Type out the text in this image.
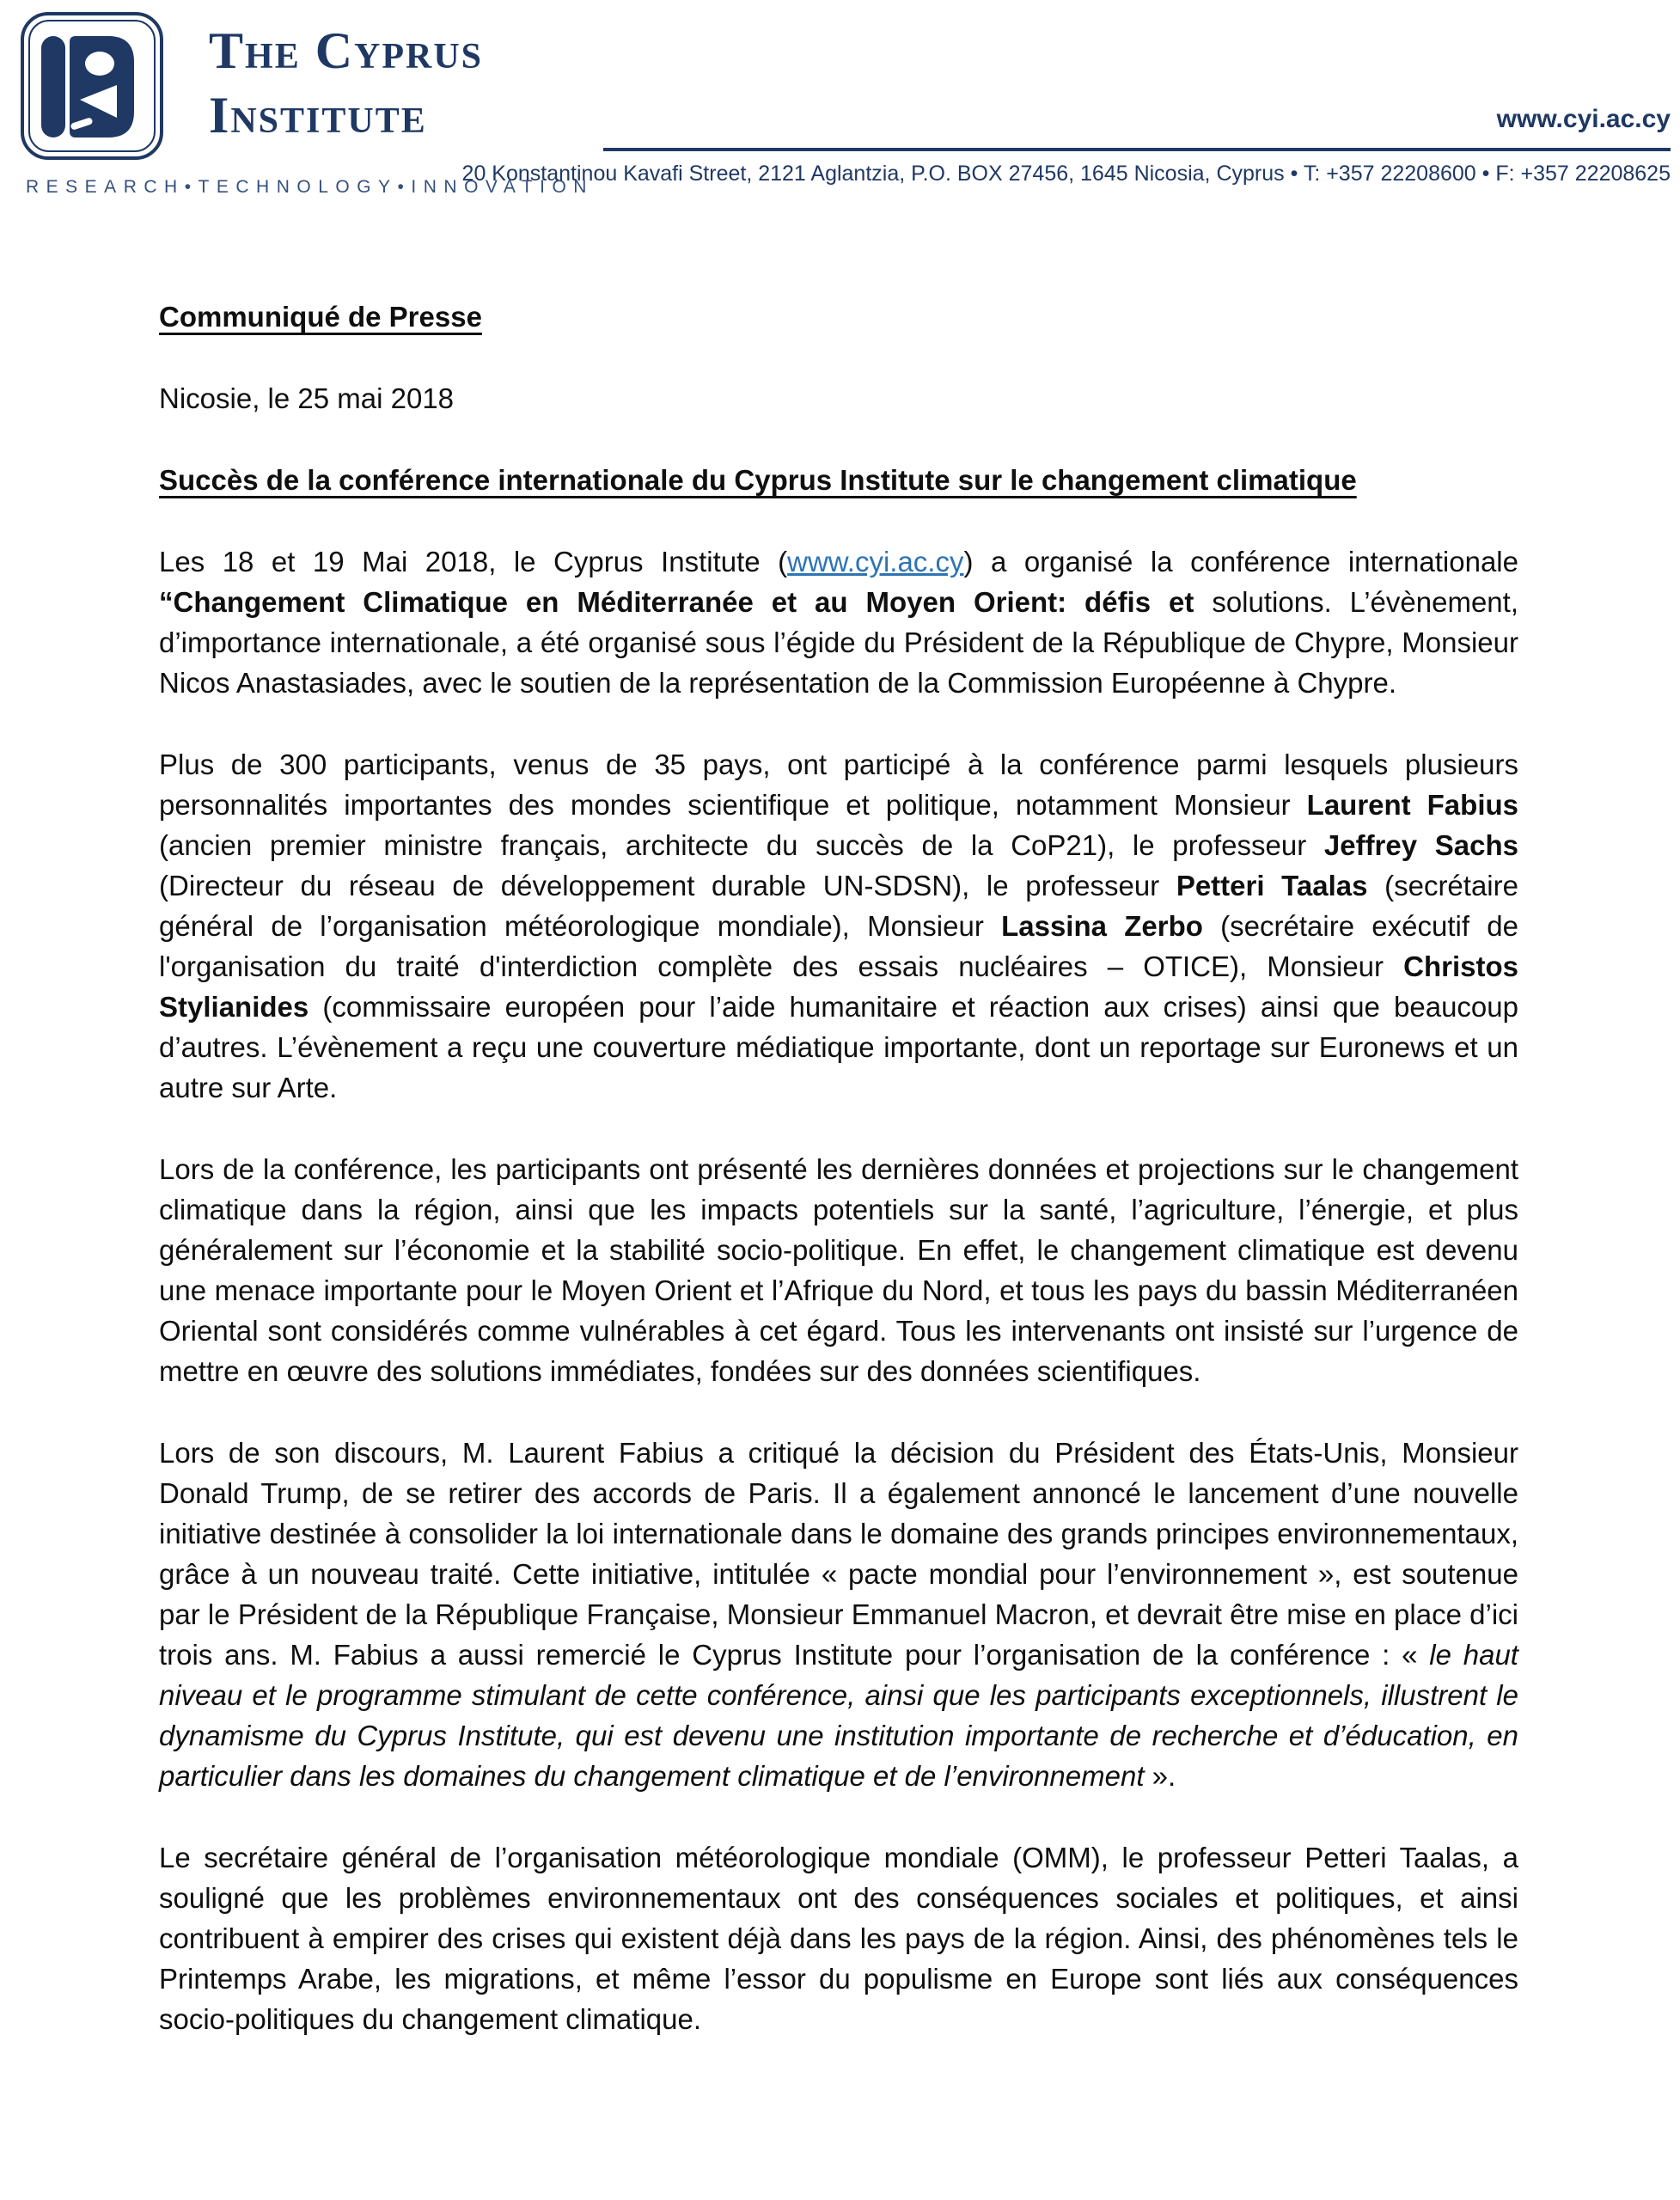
The Cyprus
Institute
RESEARCH•TECHNOLOGY•INNOVATION
www.cyi.ac.cy
20 Konstantinou Kavafi Street, 2121 Aglantzia, P.O. BOX 27456, 1645 Nicosia, Cyprus • T: +357 22208600 • F: +357 22208625
Communiqué de Presse

Nicosie, le 25 mai 2018

Succès de la conférence internationale du Cyprus Institute sur le changement climatique

Les 18 et 19 Mai 2018, le Cyprus Institute (www.cyi.ac.cy) a organisé la conférence internationale “Changement Climatique en Méditerranée et au Moyen Orient: défis et solutions. L’évènement, d’importance internationale, a été organisé sous l’égide du Président de la République de Chypre, Monsieur Nicos Anastasiades, avec le soutien de la représentation de la Commission Européenne à Chypre.

Plus de 300 participants, venus de 35 pays, ont participé à la conférence parmi lesquels plusieurs personnalités importantes des mondes scientifique et politique, notamment Monsieur Laurent Fabius (ancien premier ministre français, architecte du succès de la CoP21), le professeur Jeffrey Sachs (Directeur du réseau de développement durable UN-SDSN), le professeur Petteri Taalas (secrétaire général de l’organisation météorologique mondiale), Monsieur Lassina Zerbo (secrétaire exécutif de l'organisation du traité d'interdiction complète des essais nucléaires – OTICE), Monsieur Christos Stylianides (commissaire européen pour l’aide humanitaire et réaction aux crises) ainsi que beaucoup d’autres. L’évènement a reçu une couverture médiatique importante, dont un reportage sur Euronews et un autre sur Arte.

Lors de la conférence, les participants ont présenté les dernières données et projections sur le changement climatique dans la région, ainsi que les impacts potentiels sur la santé, l’agriculture, l’énergie, et plus généralement sur l’économie et la stabilité socio-politique. En effet, le changement climatique est devenu une menace importante pour le Moyen Orient et l’Afrique du Nord, et tous les pays du bassin Méditerranéen Oriental sont considérés comme vulnérables à cet égard. Tous les intervenants ont insisté sur l’urgence de mettre en œuvre des solutions immédiates, fondées sur des données scientifiques.

Lors de son discours, M. Laurent Fabius a critiqué la décision du Président des États-Unis, Monsieur Donald Trump, de se retirer des accords de Paris. Il a également annoncé le lancement d’une nouvelle initiative destinée à consolider la loi internationale dans le domaine des grands principes environnementaux, grâce à un nouveau traité. Cette initiative, intitulée « pacte mondial pour l’environnement », est soutenue par le Président de la République Française, Monsieur Emmanuel Macron, et devrait être mise en place d’ici trois ans. M. Fabius a aussi remercié le Cyprus Institute pour l’organisation de la conférence : « le haut niveau et le programme stimulant de cette conférence, ainsi que les participants exceptionnels, illustrent le dynamisme du Cyprus Institute, qui est devenu une institution importante de recherche et d’éducation, en particulier dans les domaines du changement climatique et de l’environnement ».

Le secrétaire général de l’organisation météorologique mondiale (OMM), le professeur Petteri Taalas, a souligné que les problèmes environnementaux ont des conséquences sociales et politiques, et ainsi contribuent à empirer des crises qui existent déjà dans les pays de la région. Ainsi, des phénomènes tels le Printemps Arabe, les migrations, et même l’essor du populisme en Europe sont liés aux conséquences socio-politiques du changement climatique.
